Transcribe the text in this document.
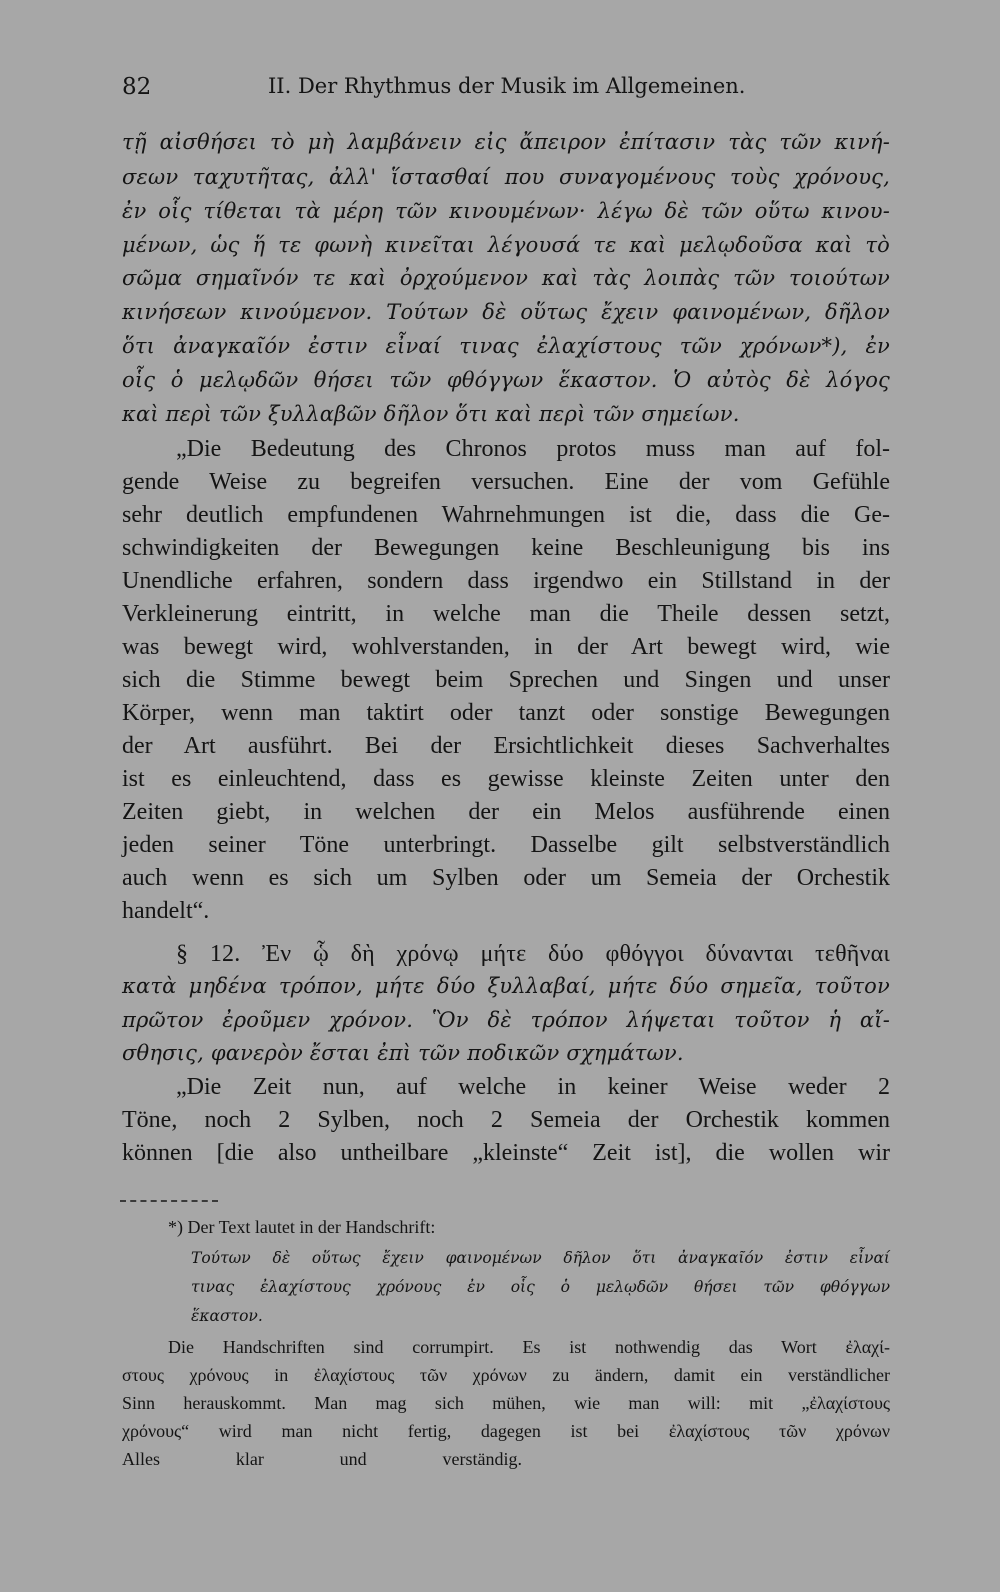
82	II. Der Rhythmus der Musik im Allgemeinen.
τῇ αἰσθήσει τὸ μὴ λαμβάνειν εἰς ἄπειρον ἐπίτασιν τὰς τῶν κινή-
σεων ταχυτῆτας, ἀλλ' ἵστασθαί που συναγομένους τοὺς χρόνους,
ἐν οἷς τίθεται τὰ μέρη τῶν κινουμένων· λέγω δὲ τῶν οὕτω κινου-
μένων, ὡς ἥ τε φωνὴ κινεῖται λέγουσά τε καὶ μελῳδοῦσα καὶ τὸ
σῶμα σημαῖνόν τε καὶ ὀρχούμενον καὶ τὰς λοιπὰς τῶν τοιούτων
κινήσεων κινούμενον. Τούτων δὲ οὕτως ἔχειν φαινομένων, δῆλον
ὅτι ἀναγκαῖόν ἐστιν εἶναί τινας ἐλαχίστους τῶν χρόνων*), ἐν
οἷς ὁ μελῳδῶν θήσει τῶν φθόγγων ἕκαστον. Ὁ αὐτὸς δὲ λόγος
καὶ περὶ τῶν ξυλλαβῶν δῆλον ὅτι καὶ περὶ τῶν σημείων.
„Die Bedeutung des Chronos protos muss man auf fol-
gende Weise zu begreifen versuchen. Eine der vom Gefühle
sehr deutlich empfundenen Wahrnehmungen ist die, dass die Ge-
schwindigkeiten der Bewegungen keine Beschleunigung bis ins
Unendliche erfahren, sondern dass irgendwo ein Stillstand in der
Verkleinerung eintritt, in welche man die Theile dessen setzt,
was bewegt wird, wohlverstanden, in der Art bewegt wird, wie
sich die Stimme bewegt beim Sprechen und Singen und unser
Körper, wenn man taktirt oder tanzt oder sonstige Bewegungen
der Art ausführt. Bei der Ersichtlichkeit dieses Sachverhaltes
ist es einleuchtend, dass es gewisse kleinste Zeiten unter den
Zeiten giebt, in welchen der ein Melos ausführende einen
jeden seiner Töne unterbringt. Dasselbe gilt selbstverständlich
auch wenn es sich um Sylben oder um Semeia der Orchestik
handelt“.
§ 12. Ἐν ᾧ δὴ χρόνῳ μήτε δύο φθόγγοι δύνανται τεθῆναι
κατὰ μηδένα τρόπον, μήτε δύο ξυλλαβαί, μήτε δύο σημεῖα, τοῦτον
πρῶτον ἐροῦμεν χρόνον. Ὃν δὲ τρόπον λήψεται τοῦτον ἡ αἴ-
σθησις, φανερὸν ἔσται ἐπὶ τῶν ποδικῶν σχημάτων.
„Die Zeit nun, auf welche in keiner Weise weder 2
Töne, noch 2 Sylben, noch 2 Semeia der Orchestik kommen
können [die also untheilbare „kleinste“ Zeit ist], die wollen wir
*) Der Text lautet in der Handschrift:
Τούτων δὲ οὕτως ἔχειν φαινομένων δῆλον ὅτι ἀναγκαῖόν ἐστιν εἶναί
τινας ἐλαχίστους χρόνους ἐν οἷς ὁ μελῳδῶν θήσει τῶν φθόγγων
ἕκαστον.
Die Handschriften sind corrumpirt. Es ist nothwendig das Wort ἐλαχί-
στους χρόνους in ἐλαχίστους τῶν χρόνων zu ändern, damit ein verständlicher
Sinn herauskommt. Man mag sich mühen, wie man will: mit „ἐλαχίστους
χρόνους“ wird man nicht fertig, dagegen ist bei ἐλαχίστους τῶν χρόνων
Alles klar und verständig.
